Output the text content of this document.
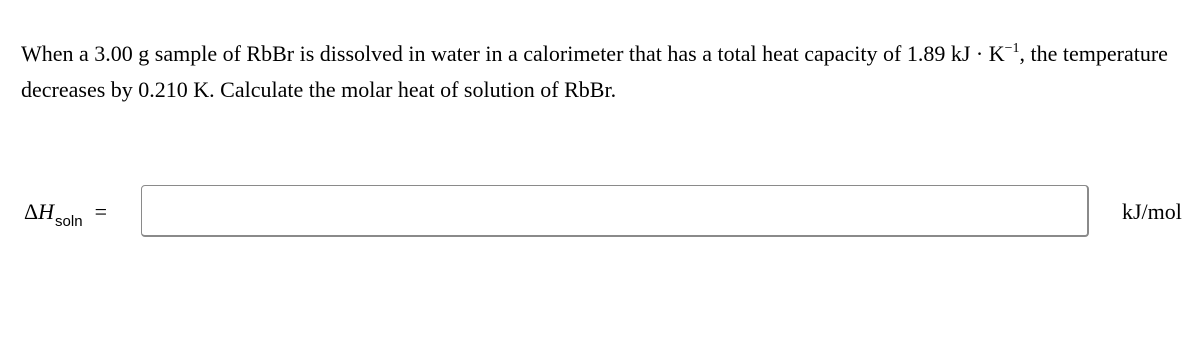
When a 3.00 g sample of RbBr is dissolved in water in a calorimeter that has a total heat capacity of 1.89 kJ · $K^{-1}$, the temperature decreases by 0.210 K. Calculate the molar heat of solution of RbBr.
$\Delta H_{soln}$ =	kJ/mol
